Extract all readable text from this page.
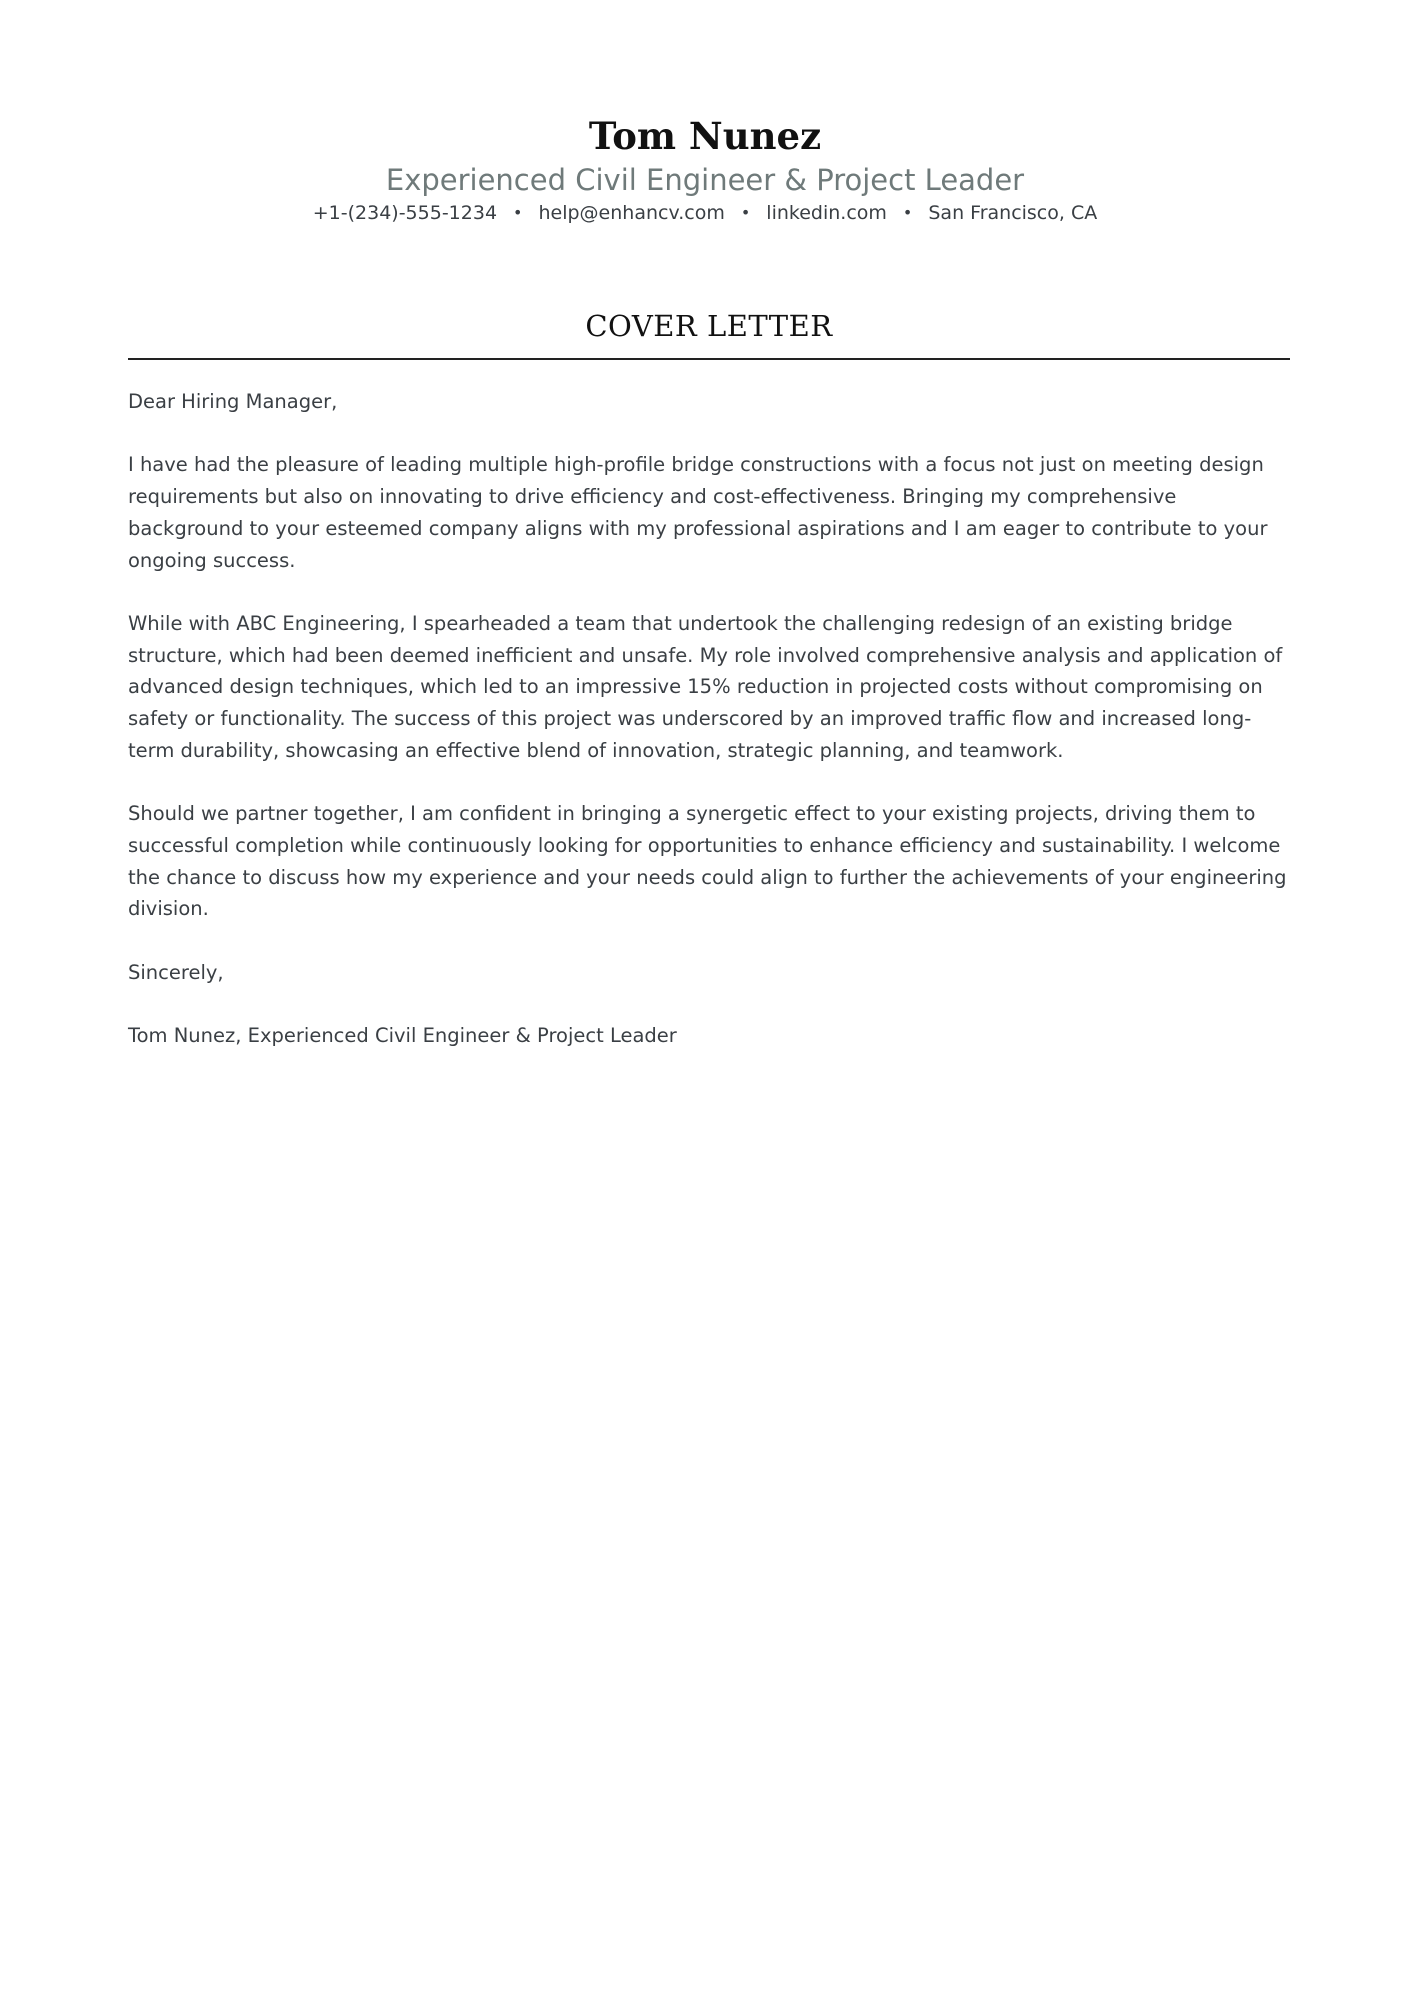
Tom Nunez
Experienced Civil Engineer & Project Leader
+1-(234)-555-1234 • help@enhancv.com • linkedin.com • San Francisco, CA
COVER LETTER

Dear Hiring Manager,

I have had the pleasure of leading multiple high-profile bridge constructions with a focus not just on meeting design requirements but also on innovating to drive efficiency and cost-effectiveness. Bringing my comprehensive background to your esteemed company aligns with my professional aspirations and I am eager to contribute to your ongoing success.

While with ABC Engineering, I spearheaded a team that undertook the challenging redesign of an existing bridge structure, which had been deemed inefficient and unsafe. My role involved comprehensive analysis and application of advanced design techniques, which led to an impressive 15% reduction in projected costs without compromising on safety or functionality. The success of this project was underscored by an improved traffic flow and increased long-term durability, showcasing an effective blend of innovation, strategic planning, and teamwork.

Should we partner together, I am confident in bringing a synergetic effect to your existing projects, driving them to successful completion while continuously looking for opportunities to enhance efficiency and sustainability. I welcome the chance to discuss how my experience and your needs could align to further the achievements of your engineering division.

Sincerely,

Tom Nunez, Experienced Civil Engineer & Project Leader
